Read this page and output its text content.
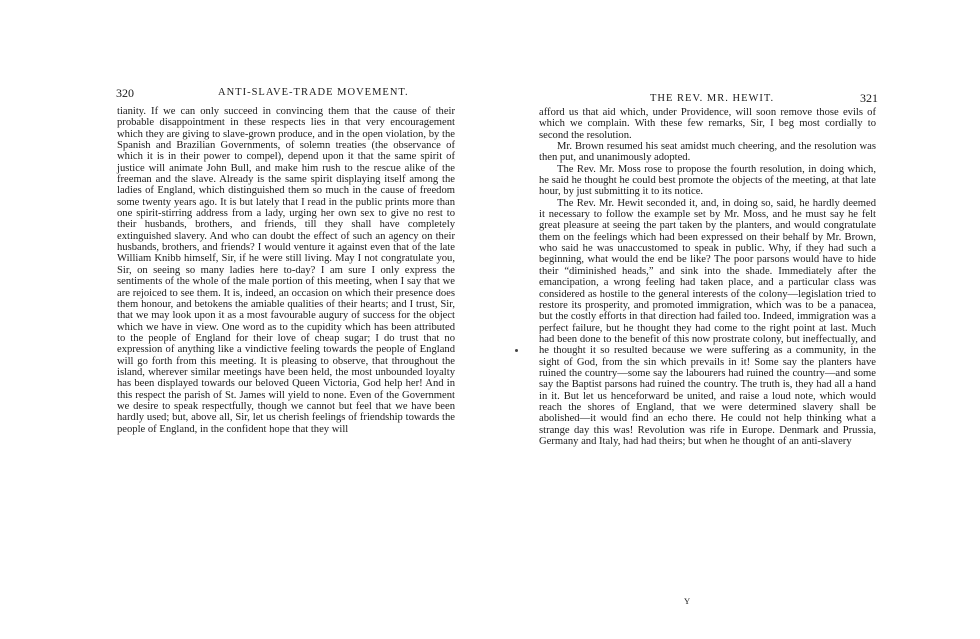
320	ANTI-SLAVE-TRADE MOVEMENT.

tianity. If we can only succeed in convincing them that the cause of their probable disappointment in these respects lies in that very encouragement which they are giving to slave-grown produce, and in the open violation, by the Spanish and Brazilian Governments, of solemn treaties (the observance of which it is in their power to compel), depend upon it that the same spirit of justice will animate John Bull, and make him rush to the rescue alike of the freeman and the slave. Already is the same spirit displaying itself among the ladies of England, which distinguished them so much in the cause of freedom some twenty years ago. It is but lately that I read in the public prints more than one spirit-stirring address from a lady, urging her own sex to give no rest to their husbands, brothers, and friends, till they shall have completely extinguished slavery. And who can doubt the effect of such an agency on their husbands, brothers, and friends? I would venture it against even that of the late William Knibb himself, Sir, if he were still living. May I not congratulate you, Sir, on seeing so many ladies here to-day? I am sure I only express the sentiments of the whole of the male portion of this meeting, when I say that we are rejoiced to see them. It is, indeed, an occasion on which their presence does them honour, and betokens the amiable qualities of their hearts; and I trust, Sir, that we may look upon it as a most favourable augury of success for the object which we have in view. One word as to the cupidity which has been attributed to the people of England for their love of cheap sugar; I do trust that no expression of anything like a vindictive feeling towards the people of England will go forth from this meeting. It is pleasing to observe, that throughout the island, wherever similar meetings have been held, the most unbounded loyalty has been displayed towards our beloved Queen Victoria, God help her! And in this respect the parish of St. James will yield to none. Even of the Government we desire to speak respectfully, though we cannot but feel that we have been hardly used; but, above all, Sir, let us cherish feelings of friendship towards the people of England, in the confident hope that they will

THE REV. MR. HEWIT.	321

afford us that aid which, under Providence, will soon remove those evils of which we complain. With these few remarks, Sir, I beg most cordially to second the resolution.

Mr. Brown resumed his seat amidst much cheering, and the resolution was then put, and unanimously adopted.

The Rev. Mr. Moss rose to propose the fourth resolution, in doing which, he said he thought he could best promote the objects of the meeting, at that late hour, by just submitting it to its notice.

The Rev. Mr. Hewit seconded it, and, in doing so, said, he hardly deemed it necessary to follow the example set by Mr. Moss, and he must say he felt great pleasure at seeing the part taken by the planters, and would congratulate them on the feelings which had been expressed on their behalf by Mr. Brown, who said he was unaccustomed to speak in public. Why, if they had such a beginning, what would the end be like? The poor parsons would have to hide their “diminished heads,” and sink into the shade. Immediately after the emancipation, a wrong feeling had taken place, and a particular class was considered as hostile to the general interests of the colony—legislation tried to restore its prosperity, and promoted immigration, which was to be a panacea, but the costly efforts in that direction had failed too. Indeed, immigration was a perfect failure, but he thought they had come to the right point at last. Much had been done to the benefit of this now prostrate colony, but ineffectually, and he thought it so resulted because we were suffering as a community, in the sight of God, from the sin which prevails in it! Some say the planters have ruined the country—some say the labourers had ruined the country—and some say the Baptist parsons had ruined the country. The truth is, they had all a hand in it. But let us henceforward be united, and raise a loud note, which would reach the shores of England, that we were determined slavery shall be abolished—it would find an echo there. He could not help thinking what a strange day this was! Revolution was rife in Europe. Denmark and Prussia, Germany and Italy, had had theirs; but when he thought of an anti-slavery

Y
